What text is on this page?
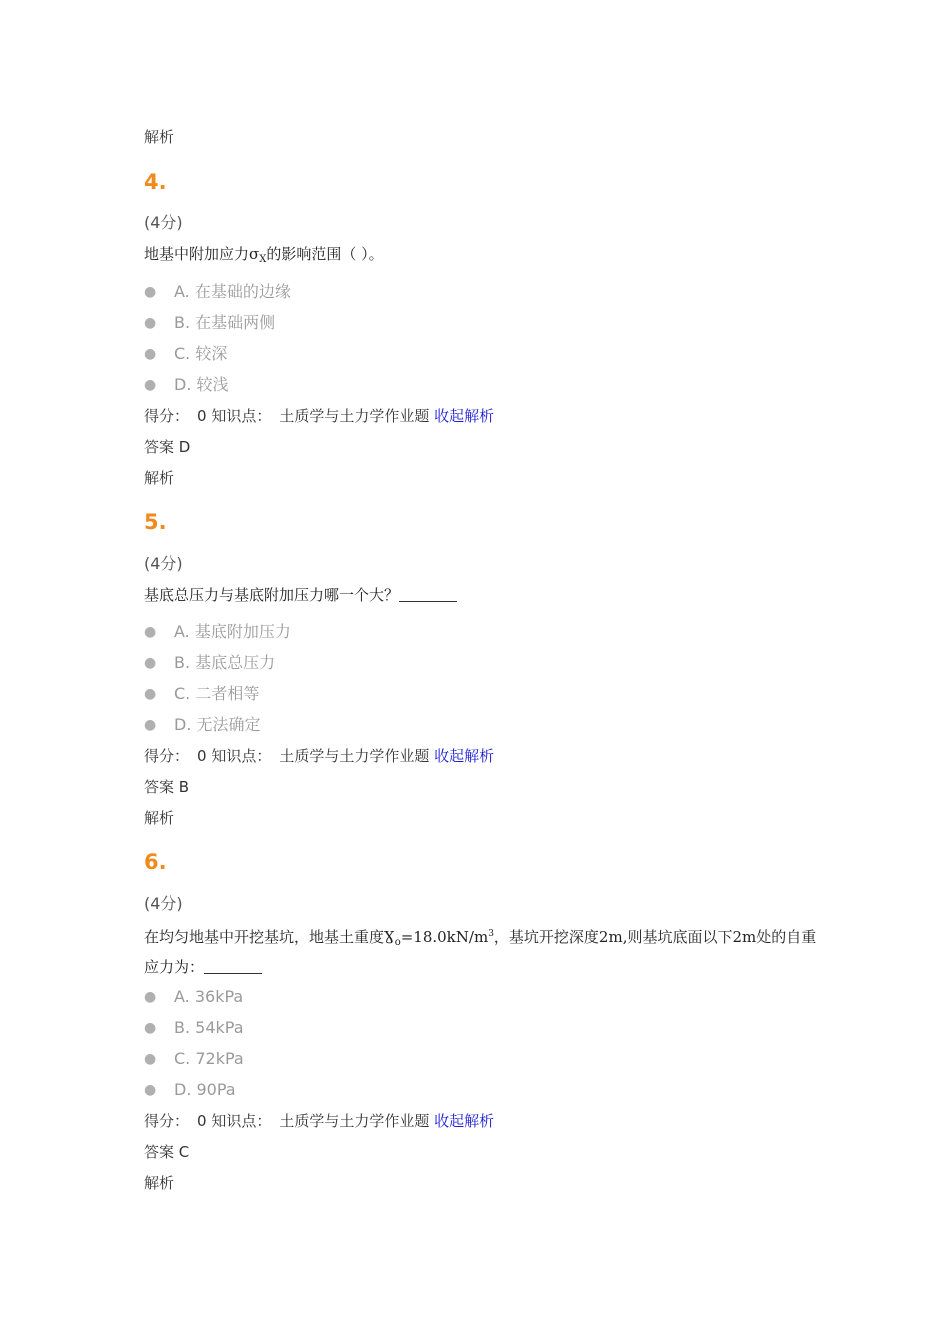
解析
4.
(4分)
地基中附加应力$\sigma_X$的影响范围（ ）。
● A. 在基础的边缘
● B. 在基础两侧
● C. 较深
● D. 较浅
得分： 0 知识点： 土质学与土力学作业题 收起解析
答案 D
解析
5.
(4分)
基底总压力与基底附加压力哪一个大？
● A. 基底附加压力
● B. 基底总压力
● C. 二者相等
● D. 无法确定
得分： 0 知识点： 土质学与土力学作业题 收起解析
答案 B
解析
6.
(4分)
在均匀地基中开挖基坑，地基土重度$Ɣ_o=18.0kN/m^3$，基坑开挖深度2m,则基坑底面以下2m处的自重应力为：
● A. 36kPa
● B. 54kPa
● C. 72kPa
● D. 90Pa
得分： 0 知识点： 土质学与土力学作业题 收起解析
答案 C
解析
